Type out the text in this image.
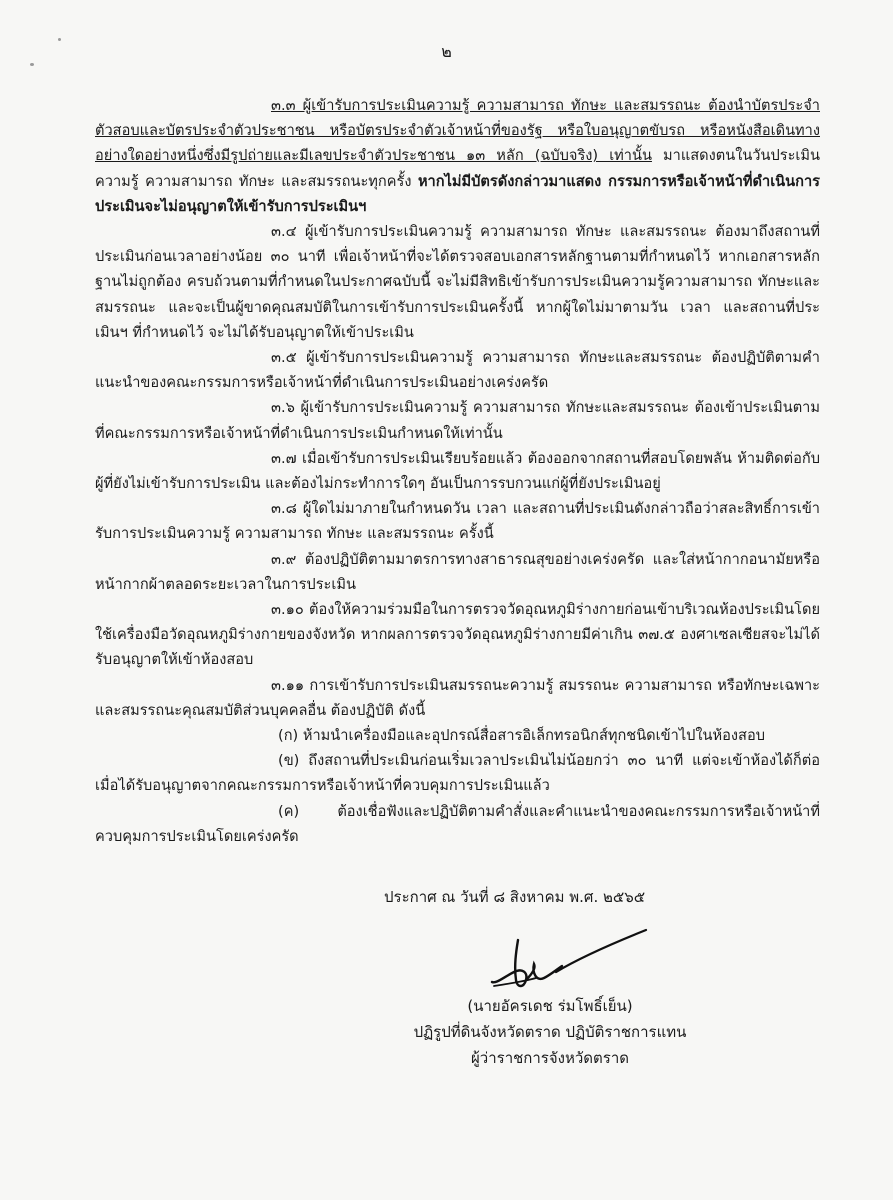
๒

๓.๓ ผู้เข้ารับการประเมินความรู้ ความสามารถ ทักษะ และสมรรถนะ ต้องนำบัตรประจำตัวสอบและบัตรประจำตัวประชาชน หรือบัตรประจำตัวเจ้าหน้าที่ของรัฐ หรือใบอนุญาตขับรถ หรือหนังสือเดินทางอย่างใดอย่างหนึ่งซึ่งมีรูปถ่ายและมีเลขประจำตัวประชาชน ๑๓ หลัก (ฉบับจริง) เท่านั้น มาแสดงตนในวันประเมินความรู้ ความสามารถ ทักษะ และสมรรถนะทุกครั้ง หากไม่มีบัตรดังกล่าวมาแสดง กรรมการหรือเจ้าหน้าที่ดำเนินการประเมินจะไม่อนุญาตให้เข้ารับการประเมินฯ

๓.๔ ผู้เข้ารับการประเมินความรู้ ความสามารถ ทักษะ และสมรรถนะ ต้องมาถึงสถานที่ประเมินก่อนเวลาอย่างน้อย ๓๐ นาที เพื่อเจ้าหน้าที่จะได้ตรวจสอบเอกสารหลักฐานตามที่กำหนดไว้ หากเอกสารหลักฐานไม่ถูกต้อง ครบถ้วนตามที่กำหนดในประกาศฉบับนี้ จะไม่มีสิทธิเข้ารับการประเมินความรู้ความสามารถ ทักษะและสมรรถนะ และจะเป็นผู้ขาดคุณสมบัติในการเข้ารับการประเมินครั้งนี้ หากผู้ใดไม่มาตามวัน เวลา และสถานที่ประเมินฯ ที่กำหนดไว้ จะไม่ได้รับอนุญาตให้เข้าประเมิน

๓.๕ ผู้เข้ารับการประเมินความรู้ ความสามารถ ทักษะและสมรรถนะ ต้องปฏิบัติตามคำแนะนำของคณะกรรมการหรือเจ้าหน้าที่ดำเนินการประเมินอย่างเคร่งครัด

๓.๖ ผู้เข้ารับการประเมินความรู้ ความสามารถ ทักษะและสมรรถนะ ต้องเข้าประเมินตามที่คณะกรรมการหรือเจ้าหน้าที่ดำเนินการประเมินกำหนดให้เท่านั้น

๓.๗ เมื่อเข้ารับการประเมินเรียบร้อยแล้ว ต้องออกจากสถานที่สอบโดยพลัน ห้ามติดต่อกับผู้ที่ยังไม่เข้ารับการประเมิน และต้องไม่กระทำการใดๆ อันเป็นการรบกวนแก่ผู้ที่ยังประเมินอยู่

๓.๘ ผู้ใดไม่มาภายในกำหนดวัน เวลา และสถานที่ประเมินดังกล่าวถือว่าสละสิทธิ์การเข้ารับการประเมินความรู้ ความสามารถ ทักษะ และสมรรถนะ ครั้งนี้

๓.๙ ต้องปฏิบัติตามมาตรการทางสาธารณสุขอย่างเคร่งครัด และใส่หน้ากากอนามัยหรือหน้ากากผ้าตลอดระยะเวลาในการประเมิน

๓.๑๐ ต้องให้ความร่วมมือในการตรวจวัดอุณหภูมิร่างกายก่อนเข้าบริเวณห้องประเมินโดยใช้เครื่องมือวัดอุณหภูมิร่างกายของจังหวัด หากผลการตรวจวัดอุณหภูมิร่างกายมีค่าเกิน ๓๗.๕ องศาเซลเซียสจะไม่ได้รับอนุญาตให้เข้าห้องสอบ

๓.๑๑ การเข้ารับการประเมินสมรรถนะความรู้ สมรรถนะ ความสามารถ หรือทักษะเฉพาะและสมรรถนะคุณสมบัติส่วนบุคคลอื่น ต้องปฏิบัติ ดังนี้

(ก) ห้ามนำเครื่องมือและอุปกรณ์สื่อสารอิเล็กทรอนิกส์ทุกชนิดเข้าไปในห้องสอบ

(ข) ถึงสถานที่ประเมินก่อนเริ่มเวลาประเมินไม่น้อยกว่า ๓๐ นาที แต่จะเข้าห้องได้ก็ต่อเมื่อได้รับอนุญาตจากคณะกรรมการหรือเจ้าหน้าที่ควบคุมการประเมินแล้ว

(ค) ต้องเชื่อฟังและปฏิบัติตามคำสั่งและคำแนะนำของคณะกรรมการหรือเจ้าหน้าที่ควบคุมการประเมินโดยเคร่งครัด

ประกาศ ณ วันที่ ๘ สิงหาคม พ.ศ. ๒๕๖๕
(นายอัครเดช ร่มโพธิ์เย็น)
ปฏิรูปที่ดินจังหวัดตราด ปฏิบัติราชการแทน
ผู้ว่าราชการจังหวัดตราด
